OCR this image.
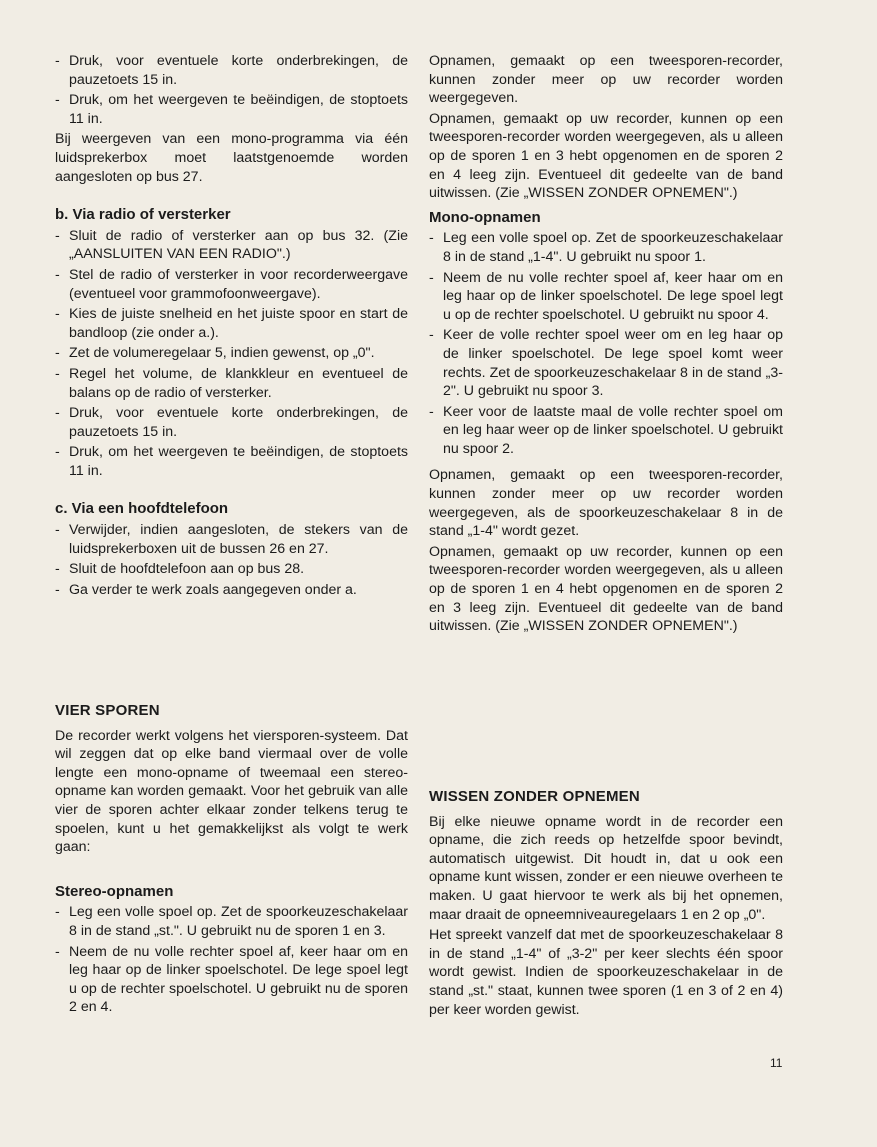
- Druk, voor eventuele korte onderbrekingen, de pauzetoets 15 in.
- Druk, om het weergeven te beëindigen, de stoptoets 11 in.

Bij weergeven van een mono-programma via één luidsprekerbox moet laatstgenoemde worden aangesloten op bus 27.

b. Via radio of versterker
- Sluit de radio of versterker aan op bus 32. (Zie „AANSLUITEN VAN EEN RADIO".)
- Stel de radio of versterker in voor recorderweergave (eventueel voor grammofoonweergave).
- Kies de juiste snelheid en het juiste spoor en start de bandloop (zie onder a.).
- Zet de volumeregelaar 5, indien gewenst, op „0".
- Regel het volume, de klankkleur en eventueel de balans op de radio of versterker.
- Druk, voor eventuele korte onderbrekingen, de pauzetoets 15 in.
- Druk, om het weergeven te beëindigen, de stoptoets 11 in.
c. Via een hoofdtelefoon
- Verwijder, indien aangesloten, de stekers van de luidsprekerboxen uit de bussen 26 en 27.
- Sluit de hoofdtelefoon aan op bus 28.
- Ga verder te werk zoals aangegeven onder a.

Opnamen, gemaakt op een tweesporen-recorder, kunnen zonder meer op uw recorder worden weergegeven.

Opnamen, gemaakt op uw recorder, kunnen op een tweesporen-recorder worden weergegeven, als u alleen op de sporen 1 en 3 hebt opgenomen en de sporen 2 en 4 leeg zijn. Eventueel dit gedeelte van de band uitwissen. (Zie „WISSEN ZONDER OPNEMEN".)

Mono-opnamen
- Leg een volle spoel op. Zet de spoorkeuzeschakelaar 8 in de stand „1-4". U gebruikt nu spoor 1.
- Neem de nu volle rechter spoel af, keer haar om en leg haar op de linker spoelschotel. De lege spoel legt u op de rechter spoelschotel. U gebruikt nu spoor 4.
- Keer de volle rechter spoel weer om en leg haar op de linker spoelschotel. De lege spoel komt weer rechts. Zet de spoorkeuzeschakelaar 8 in de stand „3-2". U gebruikt nu spoor 3.
- Keer voor de laatste maal de volle rechter spoel om en leg haar weer op de linker spoelschotel. U gebruikt nu spoor 2.

Opnamen, gemaakt op een tweesporen-recorder, kunnen zonder meer op uw recorder worden weergegeven, als de spoorkeuzeschakelaar 8 in de stand „1-4" wordt gezet.

Opnamen, gemaakt op uw recorder, kunnen op een tweesporen-recorder worden weergegeven, als u alleen op de sporen 1 en 4 hebt opgenomen en de sporen 2 en 3 leeg zijn. Eventueel dit gedeelte van de band uitwissen. (Zie „WISSEN ZONDER OPNEMEN".)

VIER SPOREN

De recorder werkt volgens het viersporen-systeem. Dat wil zeggen dat op elke band viermaal over de volle lengte een mono-opname of tweemaal een stereo-opname kan worden gemaakt. Voor het gebruik van alle vier de sporen achter elkaar zonder telkens terug te spoelen, kunt u het gemakkelijkst als volgt te werk gaan:

Stereo-opnamen
- Leg een volle spoel op. Zet de spoorkeuzeschakelaar 8 in de stand „st.". U gebruikt nu de sporen 1 en 3.
- Neem de nu volle rechter spoel af, keer haar om en leg haar op de linker spoelschotel. De lege spoel legt u op de rechter spoelschotel. U gebruikt nu de sporen 2 en 4.
WISSEN ZONDER OPNEMEN

Bij elke nieuwe opname wordt in de recorder een opname, die zich reeds op hetzelfde spoor bevindt, automatisch uitgewist. Dit houdt in, dat u ook een opname kunt wissen, zonder er een nieuwe overheen te maken. U gaat hiervoor te werk als bij het opnemen, maar draait de opneemniveauregelaars 1 en 2 op „0".

Het spreekt vanzelf dat met de spoorkeuzeschakelaar 8 in de stand „1-4" of „3-2" per keer slechts één spoor wordt gewist. Indien de spoorkeuzeschakelaar in de stand „st." staat, kunnen twee sporen (1 en 3 of 2 en 4) per keer worden gewist.

11
